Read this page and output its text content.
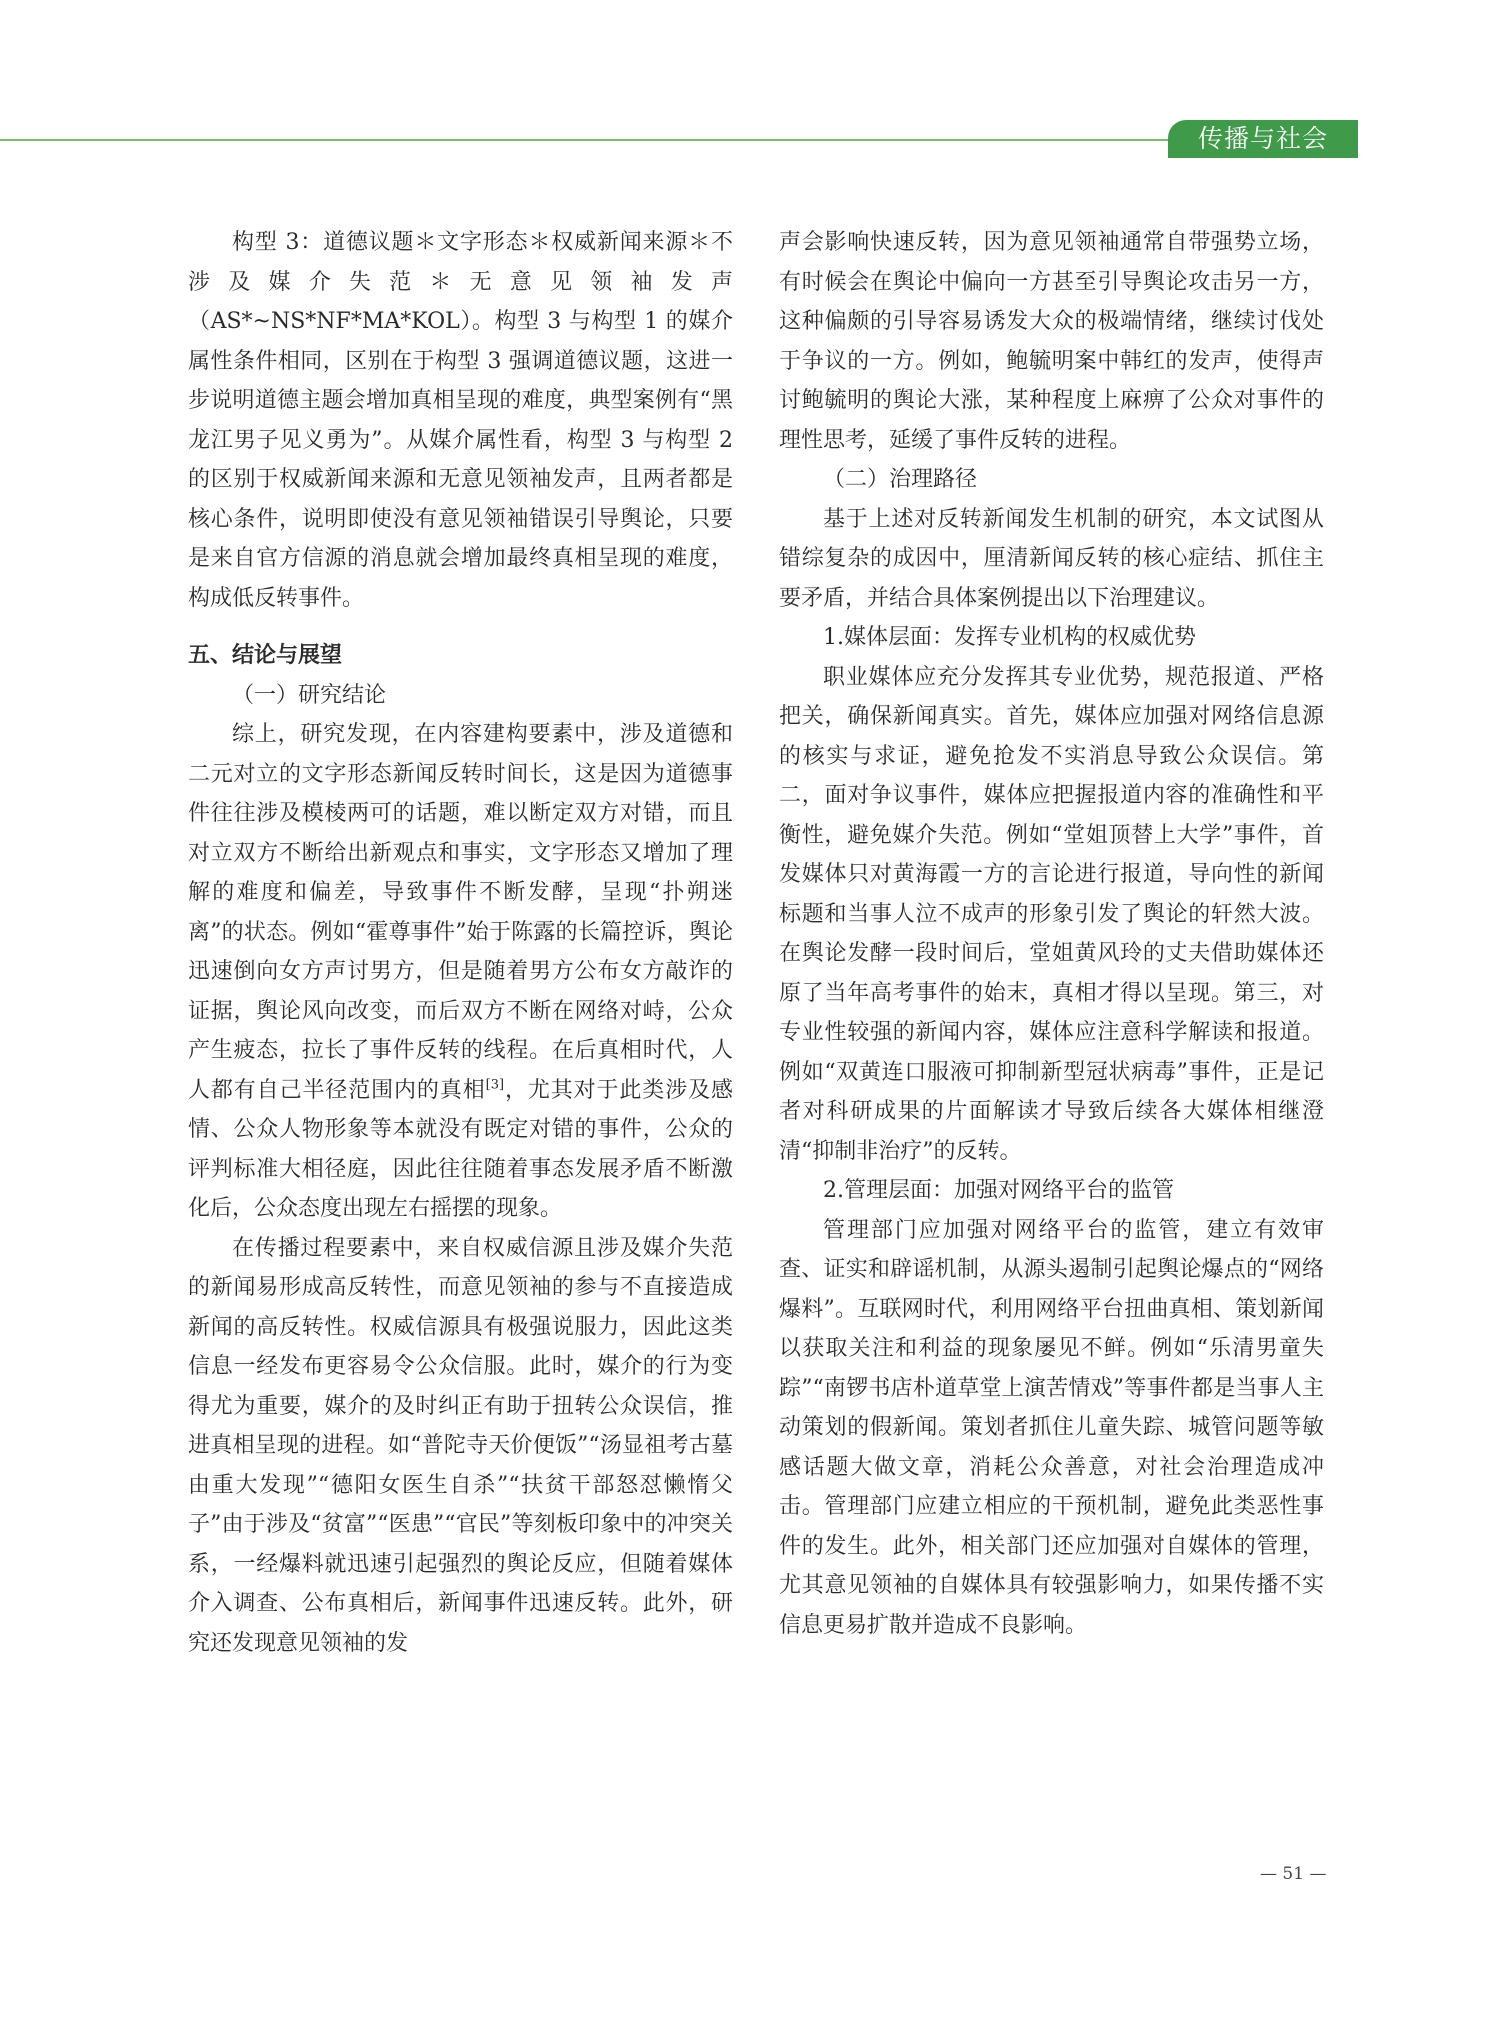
传播与社会

构型 3：道德议题＊文字形态＊权威新闻来源＊不涉及媒介失范＊无意见领袖发声（AS*~NS*NF*MA*KOL）。构型 3 与构型 1 的媒介属性条件相同，区别在于构型 3 强调道德议题，这进一步说明道德主题会增加真相呈现的难度，典型案例有“黑龙江男子见义勇为”。从媒介属性看，构型 3 与构型 2 的区别于权威新闻来源和无意见领袖发声，且两者都是核心条件，说明即使没有意见领袖错误引导舆论，只要是来自官方信源的消息就会增加最终真相呈现的难度，构成低反转事件。

五、结论与展望

（一）研究结论

综上，研究发现，在内容建构要素中，涉及道德和二元对立的文字形态新闻反转时间长，这是因为道德事件往往涉及模棱两可的话题，难以断定双方对错，而且对立双方不断给出新观点和事实，文字形态又增加了理解的难度和偏差，导致事件不断发酵，呈现“扑朔迷离”的状态。例如“霍尊事件”始于陈露的长篇控诉，舆论迅速倒向女方声讨男方，但是随着男方公布女方敲诈的证据，舆论风向改变，而后双方不断在网络对峙，公众产生疲态，拉长了事件反转的线程。在后真相时代，人人都有自己半径范围内的真相[3]，尤其对于此类涉及感情、公众人物形象等本就没有既定对错的事件，公众的评判标准大相径庭，因此往往随着事态发展矛盾不断激化后，公众态度出现左右摇摆的现象。

在传播过程要素中，来自权威信源且涉及媒介失范的新闻易形成高反转性，而意见领袖的参与不直接造成新闻的高反转性。权威信源具有极强说服力，因此这类信息一经发布更容易令公众信服。此时，媒介的行为变得尤为重要，媒介的及时纠正有助于扭转公众误信，推进真相呈现的进程。如“普陀寺天价便饭”“汤显祖考古墓由重大发现”“德阳女医生自杀”“扶贫干部怒怼懒惰父子”由于涉及“贫富”“医患”“官民”等刻板印象中的冲突关系，一经爆料就迅速引起强烈的舆论反应，但随着媒体介入调查、公布真相后，新闻事件迅速反转。此外，研究还发现意见领袖的发

声会影响快速反转，因为意见领袖通常自带强势立场，有时候会在舆论中偏向一方甚至引导舆论攻击另一方，这种偏颇的引导容易诱发大众的极端情绪，继续讨伐处于争议的一方。例如，鲍毓明案中韩红的发声，使得声讨鲍毓明的舆论大涨，某种程度上麻痹了公众对事件的理性思考，延缓了事件反转的进程。

（二）治理路径

基于上述对反转新闻发生机制的研究，本文试图从错综复杂的成因中，厘清新闻反转的核心症结、抓住主要矛盾，并结合具体案例提出以下治理建议。

1.媒体层面：发挥专业机构的权威优势

职业媒体应充分发挥其专业优势，规范报道、严格把关，确保新闻真实。首先，媒体应加强对网络信息源的核实与求证，避免抢发不实消息导致公众误信。第二，面对争议事件，媒体应把握报道内容的准确性和平衡性，避免媒介失范。例如“堂姐顶替上大学”事件，首发媒体只对黄海霞一方的言论进行报道，导向性的新闻标题和当事人泣不成声的形象引发了舆论的轩然大波。在舆论发酵一段时间后，堂姐黄风玲的丈夫借助媒体还原了当年高考事件的始末，真相才得以呈现。第三，对专业性较强的新闻内容，媒体应注意科学解读和报道。例如“双黄连口服液可抑制新型冠状病毒”事件，正是记者对科研成果的片面解读才导致后续各大媒体相继澄清“抑制非治疗”的反转。

2.管理层面：加强对网络平台的监管

管理部门应加强对网络平台的监管，建立有效审查、证实和辟谣机制，从源头遏制引起舆论爆点的“网络爆料”。互联网时代，利用网络平台扭曲真相、策划新闻以获取关注和利益的现象屡见不鲜。例如“乐清男童失踪”“南锣书店朴道草堂上演苦情戏”等事件都是当事人主动策划的假新闻。策划者抓住儿童失踪、城管问题等敏感话题大做文章，消耗公众善意，对社会治理造成冲击。管理部门应建立相应的干预机制，避免此类恶性事件的发生。此外，相关部门还应加强对自媒体的管理，尤其意见领袖的自媒体具有较强影响力，如果传播不实信息更易扩散并造成不良影响。

— 51 —
